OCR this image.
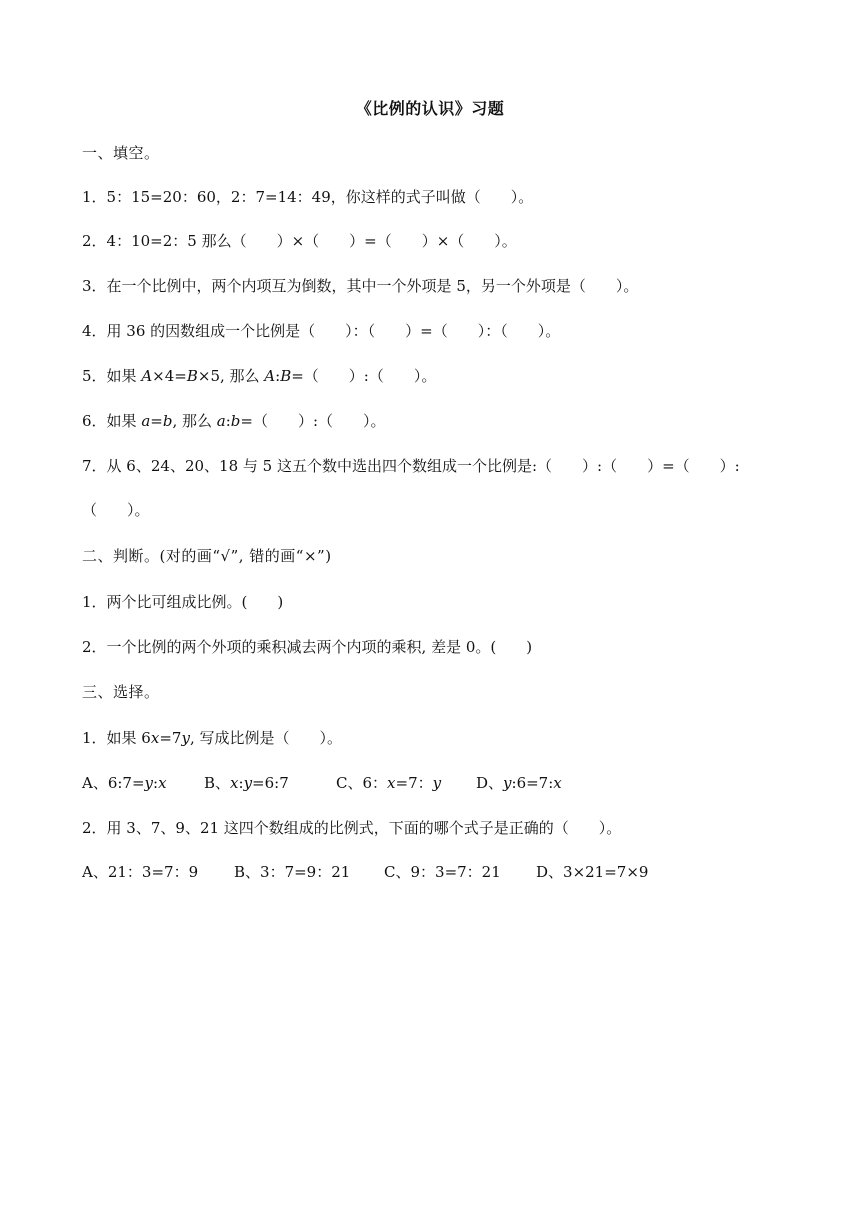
《比例的认识》习题
一、填空。
1．5：15=20：60，2：7=14：49，你这样的式子叫做（　　）。
2．4：10=2：5 那么（　　）×（　　）=（　　）×（　　）。
3．在一个比例中，两个内项互为倒数，其中一个外项是 5，另一个外项是（　　）。
4．用 36 的因数组成一个比例是（　　）：（　　）=（　　）：（　　）。
5．如果 A×4=B×5, 那么 A:B=（　　）:（　　）。
6．如果 a=b, 那么 a:b=（　　）:（　　）。
7．从 6、24、20、18 与 5 这五个数中选出四个数组成一个比例是:（　　）:（　　）=（　　）:
（　　）。
二、判断。(对的画“√”, 错的画“×”)
1．两个比可组成比例。(　　)
2．一个比例的两个外项的乘积减去两个内项的乘积, 差是 0。(　　)
三、选择。
1．如果 6x=7y, 写成比例是（　　）。
A、6:7=y:x B、x:y=6:7	C、6：x=7：y D、y:6=7:x
2．用 3、7、9、21 这四个数组成的比例式，下面的哪个式子是正确的（　　）。
A、21：3=7：9 B、3：7=9：21 C、9：3=7：21 D、3×21=7×9
